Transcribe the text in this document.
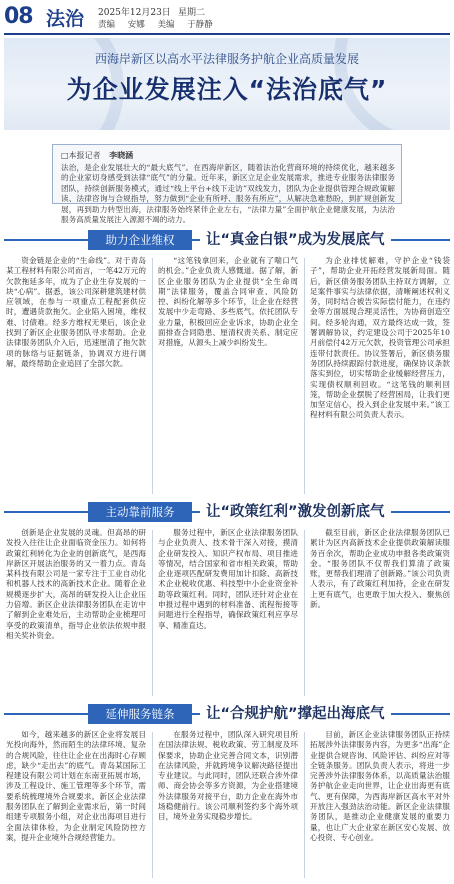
08 法治 2025年12月23日 星期二
责编 安娜 美编 于静静
西海岸新区以高水平法律服务护航企业高质量发展
为企业发展注入“法治底气”
□本报记者 李晓涵
法治，是企业发展壮大的“最大底气”。在西海岸新区，随着法治化营商环境的持续优化，越来越多的企业家切身感受到法律“底气”的分量。近年来，新区立足企业发展需求，推进专业服务法律服务团队，持续创新服务模式，通过“线上平台+线下走访”双线发力，团队为企业提供管理合规政策解读、法律咨询与合规指导，努力做到“企业有所呼、服务有所应”，从解决急难愁盼，到扩规创新发展，再到助力转型出海，法律服务始终紧伴企业左右，“法律力量”全面护航企业健康发展，为法治服务高质量发展注入源源不竭的动力。
助力企业维权	让“真金白银”成为发展底气

资金链是企业的“生命线”。对于青岛某工程材料有限公司而言，一笔42万元的欠款拖延多年，成为了企业生存发展的一块“心病”。据悉，该公司深耕建筑建材供应领域，在参与一项重点工程配套供应时，遭遇货款拖欠。企业陷入困境，维权难、讨债难。经多方维权无果后，该企业找到了新区企业服务团队寻求帮助。企业法律服务团队介入后，迅速厘清了拖欠款项的脉络与证据链条，协调双方进行调解，最终帮助企业追回了全部欠款。

“这笔钱拿回来，企业就有了喘口气的机会。”企业负责人感慨道。据了解，新区企业服务团队为企业提供“全生命周期”法律服务，覆盖合同审查、风险防控、纠纷化解等多个环节，让企业在经营发展中少走弯路、多些底气。依托团队专业力量，积极回应企业诉求，协助企业全面排查合同隐患、厘清权责关系、制定应对措施，从源头上减少纠纷发生。

为企业排忧解难，守护企业“钱袋子”，帮助企业开拓经营发展新局面。随后，新区债务服务团队主持双方调解，立足案件事实与法律依据，清晰阐述权利义务，同时结合被告实际偿付能力，在违约金等方面展现合理灵活性，为协商创造空间。经多轮沟通，双方最终达成一致，签署调解协议，约定建设公司于2025年10月前偿付42万元欠款，投资管理公司承担连带付款责任。协议签署后，新区债务服务团队持续跟踪付款进度，确保协议条款落实到位，切实帮助企业缓解经营压力，实现债权顺利回收。“这笔钱的顺利回笼，帮助企业摆脱了经营困局，让我们更加坚定信心，投入到企业发展中来。”该工程材料有限公司负责人表示。

主动靠前服务	让“政策红利”激发创新底气

创新是企业发展的灵魂。但高昂的研发投入往往让企业面临资金压力。如何将政策红利转化为企业的创新底气，是西海岸新区开展法治服务的又一着力点。青岛某科技有限公司是一家专注于工业自动化和机器人技术的高新技术企业。随着企业规模逐步扩大，高昂的研发投入让企业压力倍增。新区企业法律服务团队在走访中了解到企业难处后，主动帮助企业梳理可享受的政策清单，指导企业依法依规申报相关奖补资金。

服务过程中，新区企业法律服务团队与企业负责人、技术骨干深入对接，摸清企业研发投入、知识产权布局、项目推进等情况，结合国家和省市相关政策，帮助企业逐项匹配研发费用加计扣除、高新技术企业税收优惠、科技型中小企业资金补助等政策红利。同时，团队还针对企业在申报过程中遇到的材料准备、流程衔接等问题进行全程指导，确保政策红利应享尽享、精准直达。

截至目前，新区企业法律服务团队已累计为区内高新技术企业提供政策解读服务百余次，帮助企业成功申报各类政策资金。“服务团队不仅帮我们算清了政策账，更帮我们理清了创新路。”该公司负责人表示，有了政策红利加持，企业在研发上更有底气，也更敢于加大投入、聚焦创新。

延伸服务链条	让“合规护航”撑起出海底气

如今，越来越多的新区企业将发展目光投向海外，然而陌生的法律环境、复杂的合规风险，往往让企业在出海时心存顾虑，缺少“走出去”的底气。青岛某国际工程建设有限公司计划在东南亚拓展市场，涉及工程设计、施工管理等多个环节，需要系统梳理境外合规要求。新区企业法律服务团队在了解到企业需求后，第一时间组建专项服务小组，对企业出海项目进行全面法律体检，为企业制定风险防控方案，提升企业境外合规经营能力。

在服务过程中，团队深入研究项目所在国法律法规、税收政策、劳工制度及环保要求，协助企业完善合同文本，识别潜在法律风险，并就跨境争议解决路径提出专业建议。与此同时，团队还联合涉外律师、商会协会等多方资源，为企业搭建境外法律服务对接平台，助力企业在海外市场稳健前行。该公司顺利签约多个海外项目，境外业务实现稳步增长。

目前，新区企业法律服务团队正持续拓展涉外法律服务内容，为更多“出海”企业提供合规咨询、风险评估、纠纷应对等全链条服务。团队负责人表示，将进一步完善涉外法律服务体系，以高质量法治服务护航企业走向世界，让企业出海更有底气、更有保障，为西海岸新区高水平对外开放注入强劲法治动能。新区企业法律服务团队，是推动企业健康发展的重要力量，也让广大企业家在新区安心发展、放心投资、专心创业。
